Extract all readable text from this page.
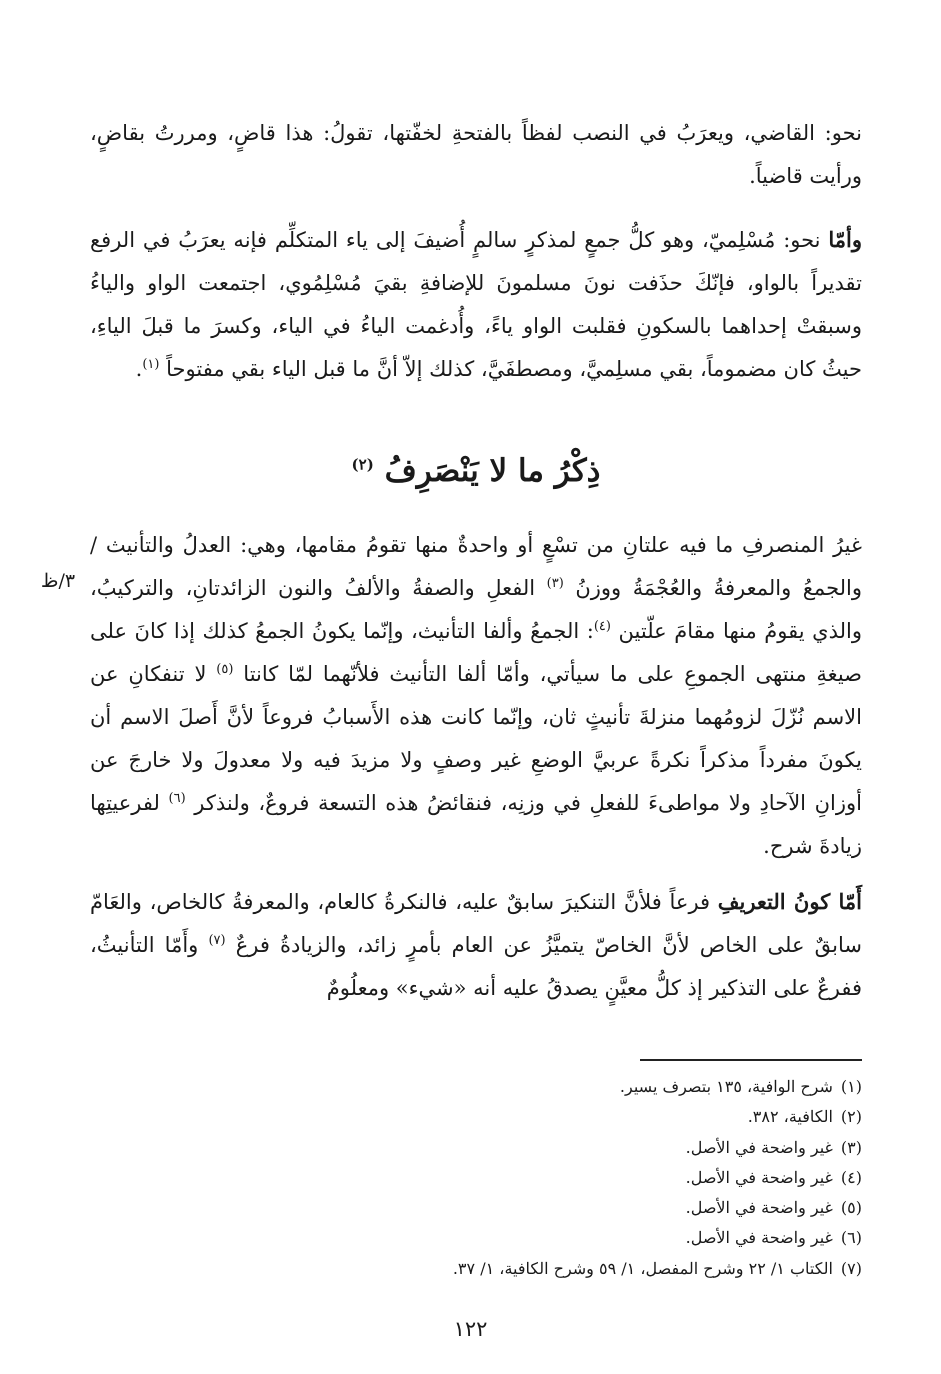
نحو: القاضي، ويعرَبُ في النصب لفظاً بالفتحةِ لخفّتها، تقولُ: هذا قاضٍ، ومررتُ بقاضٍ، ورأيت قاضياً.

وأمّا نحو: مُسْلِميّ، وهو كلُّ جمعٍ لمذكرٍ سالمٍ أُضيفَ إلى ياء المتكلِّم فإنه يعرَبُ في الرفع تقديراً بالواو، فإنّكَ حذَفت نونَ مسلمونَ للإضافةِ بقيَ مُسْلِمُوي، اجتمعت الواو والياءُ وسبقتْ إحداهما بالسكونِ فقلبت الواو ياءً، وأُدغمت الياءُ في الياء، وكسرَ ما قبلَ الياءِ، حيثُ كان مضموماً، بقي مسلِميَّ، ومصطفَيَّ، كذلك إلاّ أنَّ ما قبل الياء بقي مفتوحاً $^{(١)}$.

ذِكْرُ ما لا يَنْصَرِفُ $^{(٢)}$

غيرُ المنصرفِ ما فيه علتانِ من تسْعٍ أو واحدةٌ منها تقومُ مقامها، وهي: العدلُ والتأنيث / والجمعُ والمعرفةُ والعُجْمَةُ ووزنُ $^{(٣)}$ الفعلِ والصفةُ والألفُ والنون الزائدتانِ، والتركيبُ، والذي يقومُ منها مقامَ علّتين $^{(٤)}$: الجمعُ وألفا التأنيث، وإنّما يكونُ الجمعُ كذلك إذا كانَ على صيغةِ منتهى الجموعِ على ما سيأتي، وأمّا ألفا التأنيث فلأنّهما لمّا كانتا $^{(٥)}$ لا تنفكانِ عن الاسم نُزّلَ لزومُهما منزلةَ تأنيثٍ ثان، وإنّما كانت هذه الأَسبابُ فروعاً لأنَّ أَصلَ الاسم أن يكونَ مفرداً مذكراً نكرةً عربيَّ الوضعِ غير وصفٍ ولا مزيدَ فيه ولا معدولَ ولا خارجَ عن أوزانِ الآحادِ ولا مواطىءَ للفعلِ في وزنِه، فنقائضُ هذه التسعة فروعٌ، ولنذكر $^{(٦)}$ لفرعيتِها زيادةَ شرح.

٣/ظ

أَمّا كونُ التعريفِ فرعاً فلأنَّ التنكيرَ سابقٌ عليه، فالنكرةُ كالعام، والمعرفةُ كالخاص، والعَامّ سابقٌ على الخاص لأنَّ الخاصّ يتميَّزُ عن العام بأمرٍ زائد، والزيادةُ فرعٌ $^{(٧)}$ وأَمّا التأنيثُ، ففرعٌ على التذكير إذ كلُّ معيَّنٍ يصدقُ عليه أنه «شيء» ومعلُومٌ

(١)شرح الوافية، ١٣٥ بتصرف يسير.
(٢)الكافية، ٣٨٢.
(٣)غير واضحة في الأصل.
(٤)غير واضحة في الأصل.
(٥)غير واضحة في الأصل.
(٦)غير واضحة في الأصل.
(٧)الكتاب ١/ ٢٢ وشرح المفصل، ١/ ٥٩ وشرح الكافية، ١/ ٣٧.
١٢٢
